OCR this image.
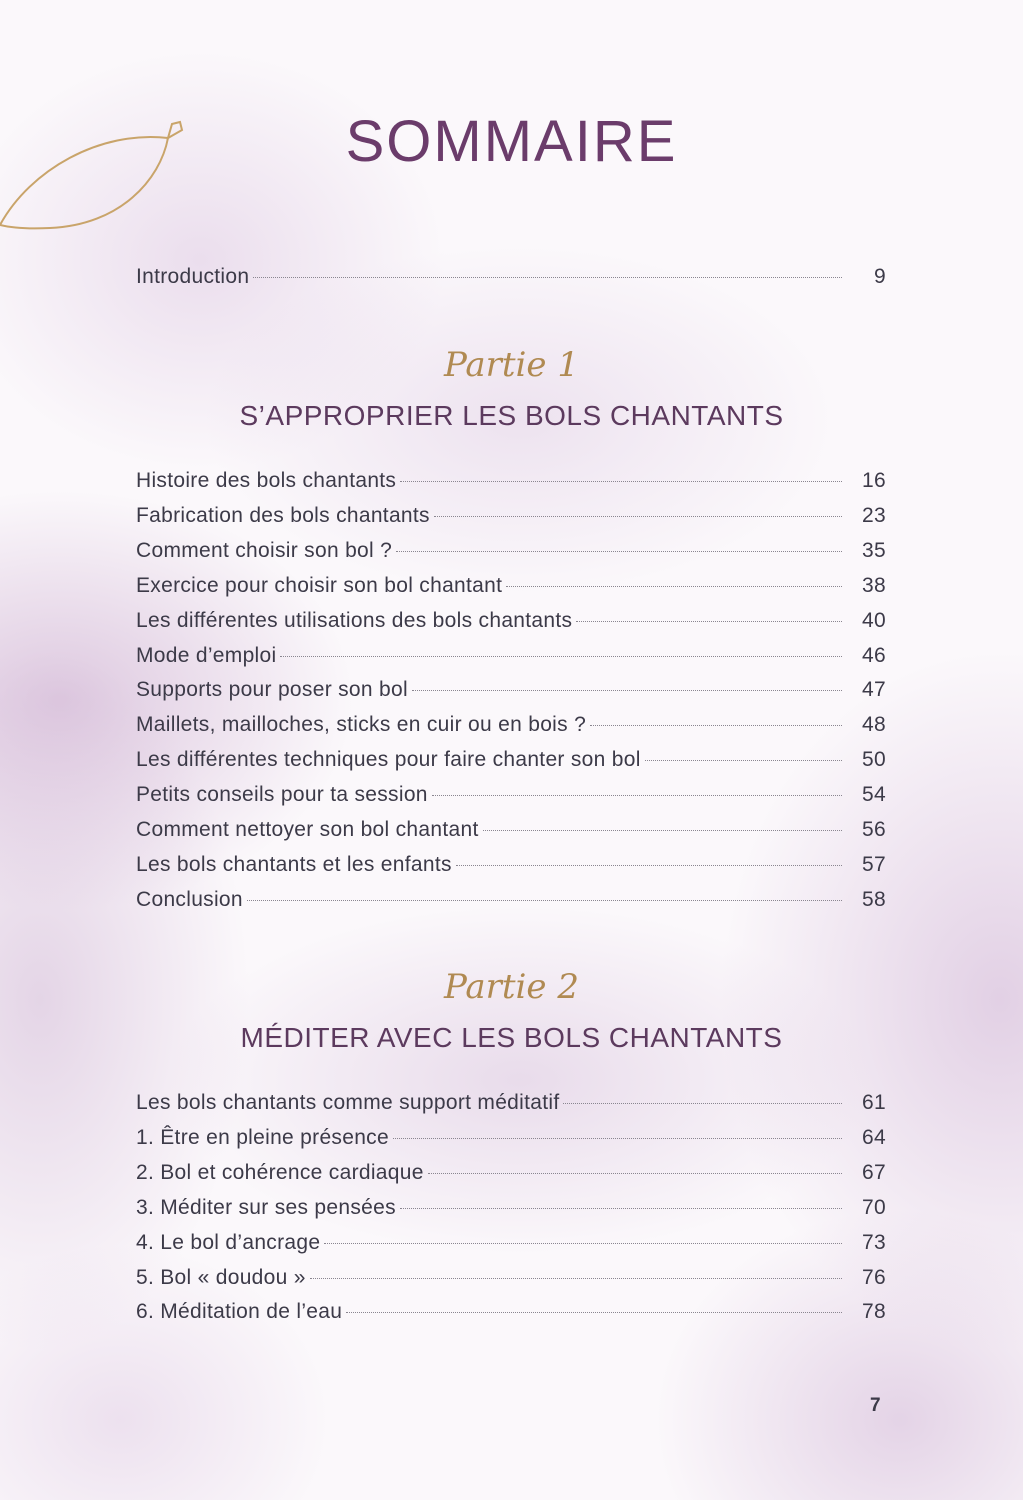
SOMMAIRE
Introduction	9
Partie 1
S’APPROPRIER LES BOLS CHANTANTS
Histoire des bols chantants	16
Fabrication des bols chantants	23
Comment choisir son bol ?	35
Exercice pour choisir son bol chantant	38
Les différentes utilisations des bols chantants	40
Mode d’emploi	46
Supports pour poser son bol	47
Maillets, mailloches, sticks en cuir ou en bois ?	48
Les différentes techniques pour faire chanter son bol	50
Petits conseils pour ta session	54
Comment nettoyer son bol chantant	56
Les bols chantants et les enfants	57
Conclusion	58
Partie 2
MÉDITER AVEC LES BOLS CHANTANTS
Les bols chantants comme support méditatif	61
1. Être en pleine présence	64
2. Bol et cohérence cardiaque	67
3. Méditer sur ses pensées	70
4. Le bol d’ancrage	73
5. Bol « doudou »	76
6. Méditation de l’eau	78
7
